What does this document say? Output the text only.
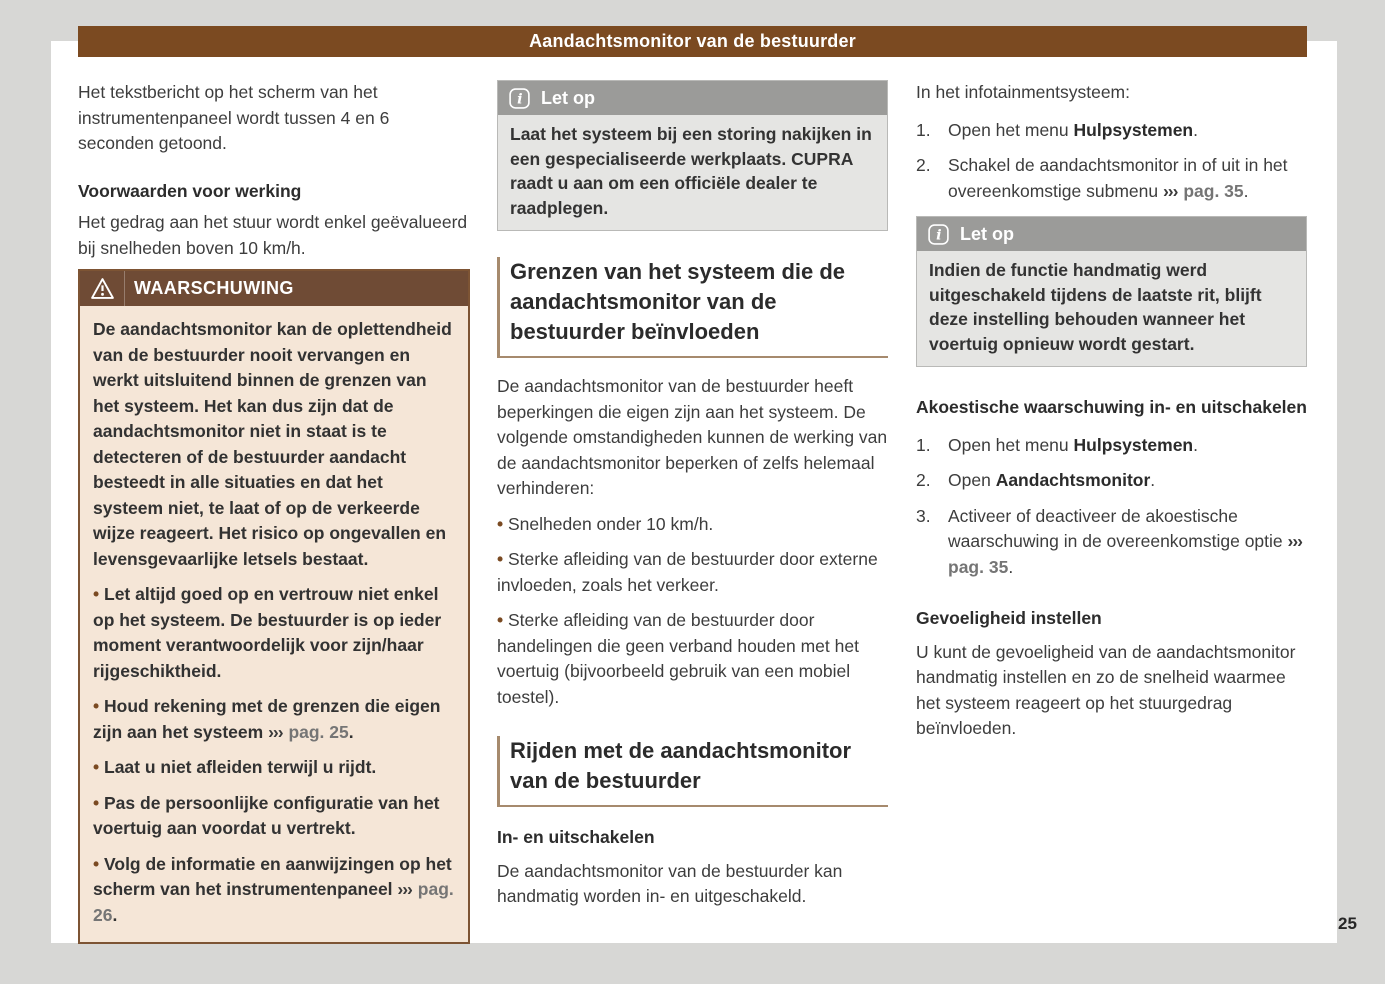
Aandachtsmonitor van de bestuurder

Het tekstbericht op het scherm van het instrumentenpaneel wordt tussen 4 en 6 seconden getoond.

Voorwaarden voor werking

Het gedrag aan het stuur wordt enkel geëvalueerd bij snelheden boven 10 km/h.

WAARSCHUWING
De aandachtsmonitor kan de oplettendheid van de bestuurder nooit vervangen en werkt uitsluitend binnen de grenzen van het systeem. Het kan dus zijn dat de aandachtsmonitor niet in staat is te detecteren of de bestuurder aandacht besteedt in alle situaties en dat het systeem niet, te laat of op de verkeerde wijze reageert. Het risico op ongevallen en levensgevaarlijke letsels bestaat.
• Let altijd goed op en vertrouw niet enkel op het systeem. De bestuurder is op ieder moment verantwoordelijk voor zijn/haar rijgeschiktheid.
• Houd rekening met de grenzen die eigen zijn aan het systeem ››› pag. 25.
• Laat u niet afleiden terwijl u rijdt.
• Pas de persoonlijke configuratie van het voertuig aan voordat u vertrekt.
• Volg de informatie en aanwijzingen op het scherm van het instrumentenpaneel ››› pag. 26.
i Let op
Laat het systeem bij een storing nakijken in een gespecialiseerde werkplaats. CUPRA raadt u aan om een officiële dealer te raadplegen.
Grenzen van het systeem die de aandachtsmonitor van de bestuurder beïnvloeden

De aandachtsmonitor van de bestuurder heeft beperkingen die eigen zijn aan het systeem. De volgende omstandigheden kunnen de werking van de aandachtsmonitor beperken of zelfs helemaal verhinderen:

• Snelheden onder 10 km/h.
• Sterke afleiding van de bestuurder door externe invloeden, zoals het verkeer.
• Sterke afleiding van de bestuurder door handelingen die geen verband houden met het voertuig (bijvoorbeeld gebruik van een mobiel toestel).
Rijden met de aandachtsmonitor van de bestuurder
In- en uitschakelen

De aandachtsmonitor van de bestuurder kan handmatig worden in- en uitgeschakeld.

In het infotainmentsysteem:

1. Open het menu Hulpsystemen.
2. Schakel de aandachtsmonitor in of uit in het overeenkomstige submenu ››› pag. 35.
i Let op
Indien de functie handmatig werd uitgeschakeld tijdens de laatste rit, blijft deze instelling behouden wanneer het voertuig opnieuw wordt gestart.
Akoestische waarschuwing in- en uitschakelen
1. Open het menu Hulpsystemen.
2. Open Aandachtsmonitor.
3. Activeer of deactiveer de akoestische waarschuwing in de overeenkomstige optie ››› pag. 35.
Gevoeligheid instellen

U kunt de gevoeligheid van de aandachtsmonitor handmatig instellen en zo de snelheid waarmee het systeem reageert op het stuurgedrag beïnvloeden.

25
